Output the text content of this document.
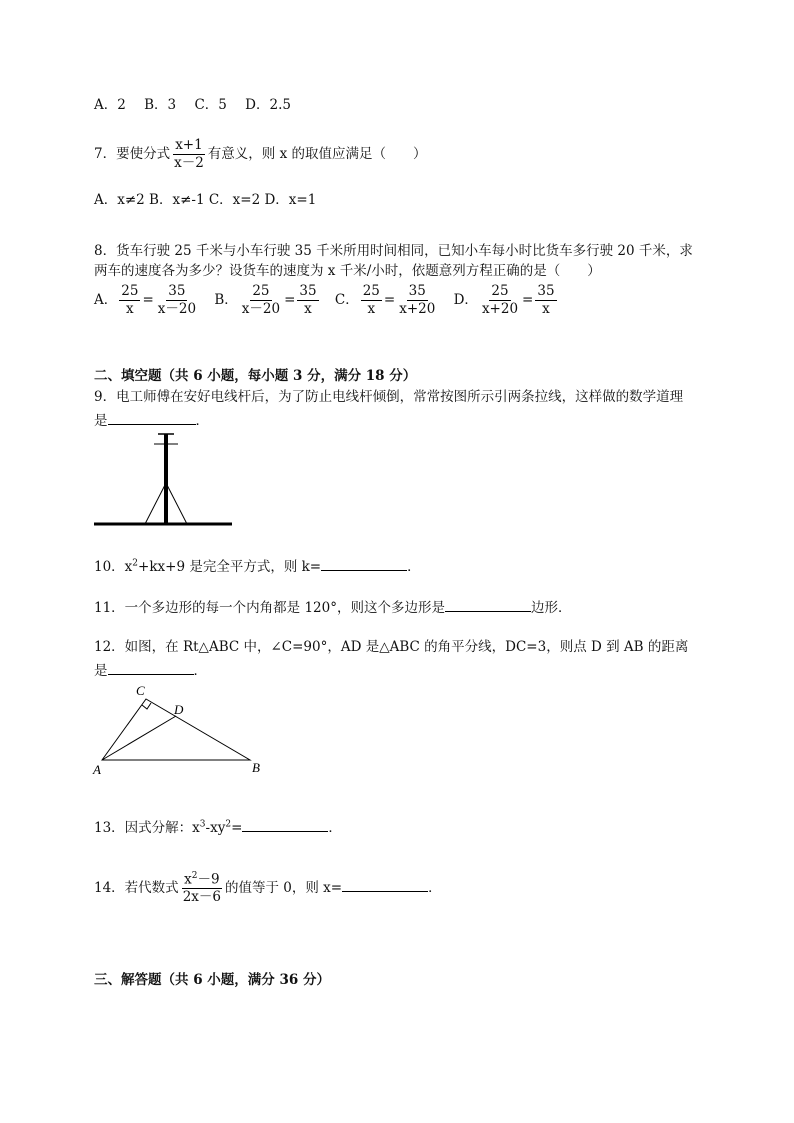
A．2 B．3 C．5 D．2.5
7．要使分式 $\frac{x+1}{x-2}$ 有意义，则 x 的取值应满足（　　）
A．x≠2 B．x≠-1 C．x=2 D．x=1
8．货车行驶 25 千米与小车行驶 35 千米所用时间相同，已知小车每小时比货车多行驶 20 千米，求
两车的速度各为多少？设货车的速度为 x 千米/小时，依题意列方程正确的是（　　）
A． $\frac{25}{x} = \frac{35}{x-20}$ B． $\frac{25}{x-20} = \frac{35}{x}$ C． $\frac{25}{x} = \frac{35}{x+20}$ D． $\frac{25}{x+20} = \frac{35}{x}$
二、填空题（共 6 小题，每小题 3 分，满分 18 分）
9．电工师傅在安好电线杆后，为了防止电线杆倾倒，常常按图所示引两条拉线，这样做的数学道理
是	．
10．$x^2+kx+9$ 是完全平方式，则 k=	．
11．一个多边形的每一个内角都是 120°，则这个多边形是	边形．
12．如图，在 Rt△ABC 中，∠C=90°，AD 是△ABC 的角平分线，DC=3，则点 D 到 AB 的距离
是	．
C
D
A	B
13．因式分解：$x^3-xy^2=$	．
14．若代数式 $\frac{x^2-9}{2x-6}$ 的值等于 0，则 x=	．
三、解答题（共 6 小题，满分 36 分）
